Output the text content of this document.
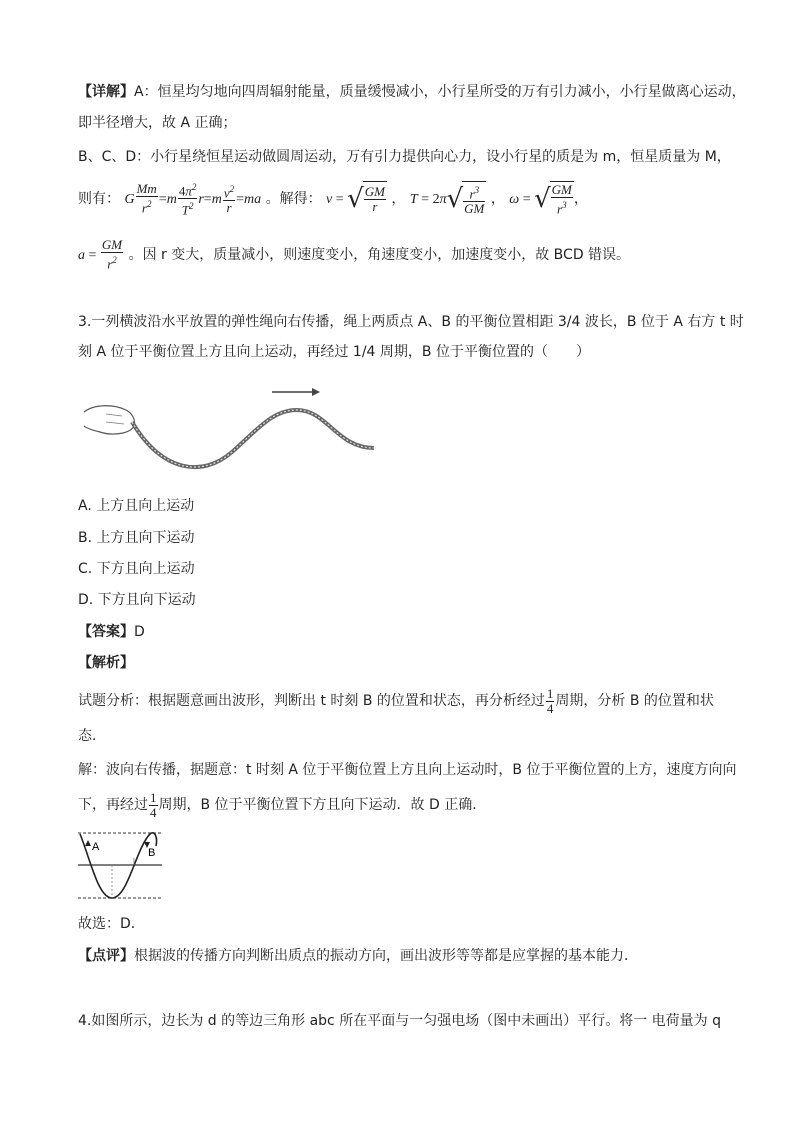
【详解】A：恒星均匀地向四周辐射能量，质量缓慢减小，小行星所受的万有引力减小，小行星做离心运动，
即半径增大，故 A 正确；
B、C、D：小行星绕恒星运动做圆周运动，万有引力提供向心力，设小行星的质是为 m，恒星质量为 M，
则有： G $\frac{Mm}{r^2} =m \frac{4\pi^2}{T^2} r=m \frac{v^2}{r} =ma$ 。解得： v = √ $\frac{GM}{r}$ ， $T = 2\pi√ \frac{r^3}{GM}$ ， ω = √ $\frac{GM}{r^3}$ ，
$a = \frac{GM}{r^2}$ 。因 r 变大，质量减小，则速度变小，角速度变小，加速度变小，故 BCD 错误。
3.一列横波沿水平放置的弹性绳向右传播，绳上两质点 A、B 的平衡位置相距 3/4 波长，B 位于 A 右方 t 时
刻 A 位于平衡位置上方且向上运动，再经过 1/4 周期，B 位于平衡位置的（　　）
A. 上方且向上运动
B. 上方且向下运动
C. 下方且向上运动
D. 下方且向下运动
【答案】D
【解析】
试题分析：根据题意画出波形，判断出 t 时刻 B 的位置和状态，再分析经过 $\frac{1}{4}$ 周期，分析 B 的位置和状
态．
解：波向右传播，据题意：t 时刻 A 位于平衡位置上方且向上运动时，B 位于平衡位置的上方，速度方向向
下，再经过 $\frac{1}{4}$ 周期，B 位于平衡位置下方且向下运动．故 D 正确．
A	B
故选：D．
【点评】根据波的传播方向判断出质点的振动方向，画出波形等等都是应掌握的基本能力．
4.如图所示，边长为 d 的等边三角形 abc 所在平面与一匀强电场（图中未画出）平行。将一 电荷量为 q
